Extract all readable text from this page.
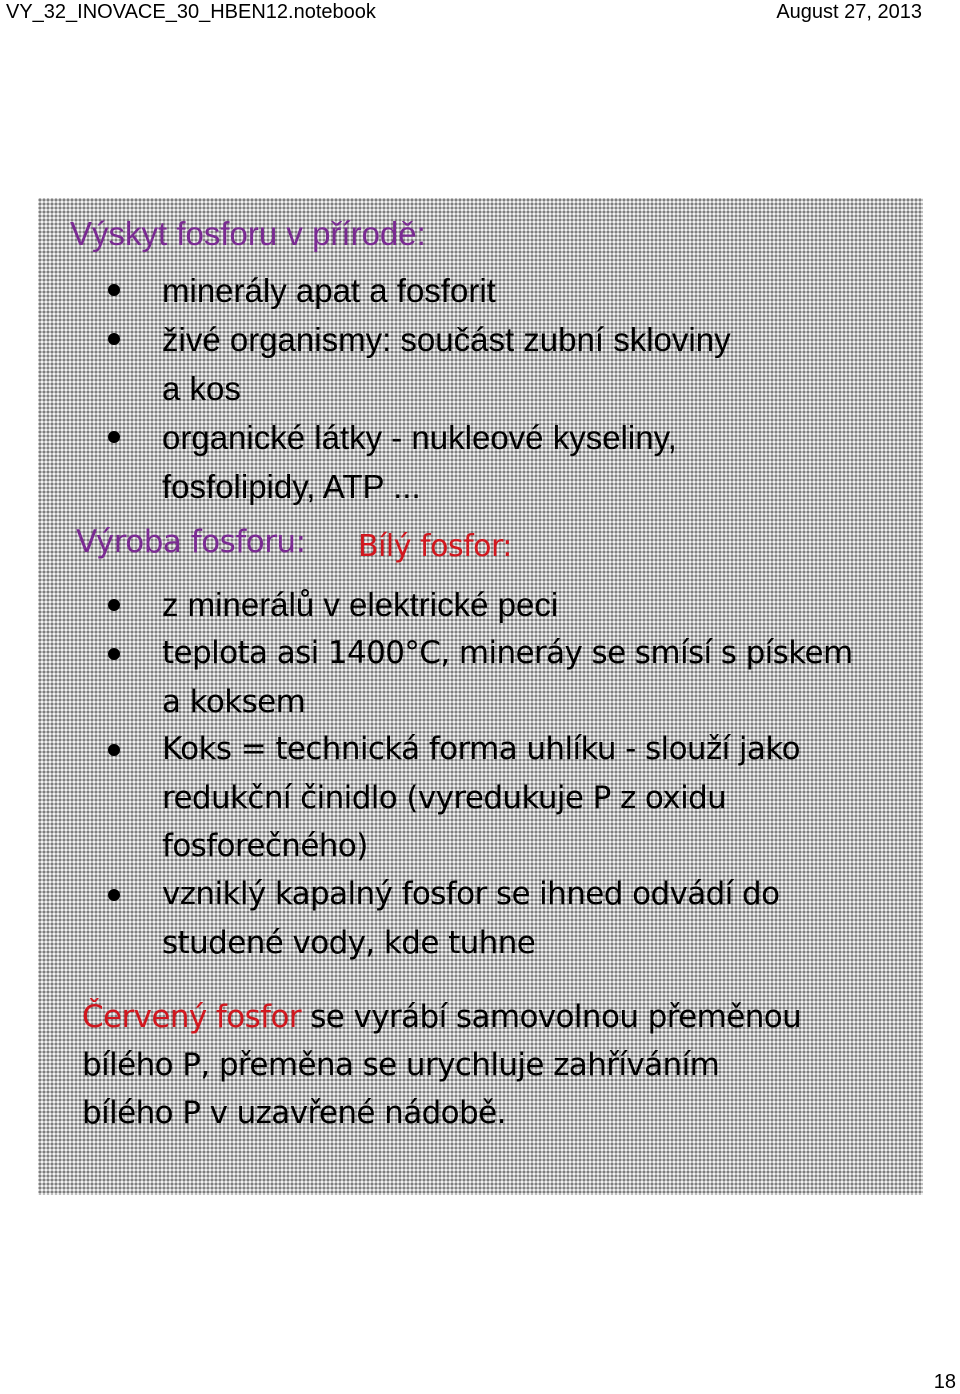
VY_32_INOVACE_30_HBEN12.notebook	August 27, 2013
Výskyt fosforu v přírodě:
minerály apat a fosforit
živé organismy: součást zubní skloviny
a kos
organické látky - nukleové kyseliny,
fosfolipidy, ATP ...
Výroba fosforu: Bílý fosfor:
z minerálů v elektrické peci
teplota asi 1400°C, mineráy se smísí s pískem
a koksem
Koks = technická forma uhlíku - slouží jako
redukční činidlo (vyredukuje P z oxidu
fosforečného)
vzniklý kapalný fosfor se ihned odvádí do
studené vody, kde tuhne
Červený fosfor se vyrábí samovolnou přeměnou
bílého P, přeměna se urychluje zahříváním
bílého P v uzavřené nádobě.
18
